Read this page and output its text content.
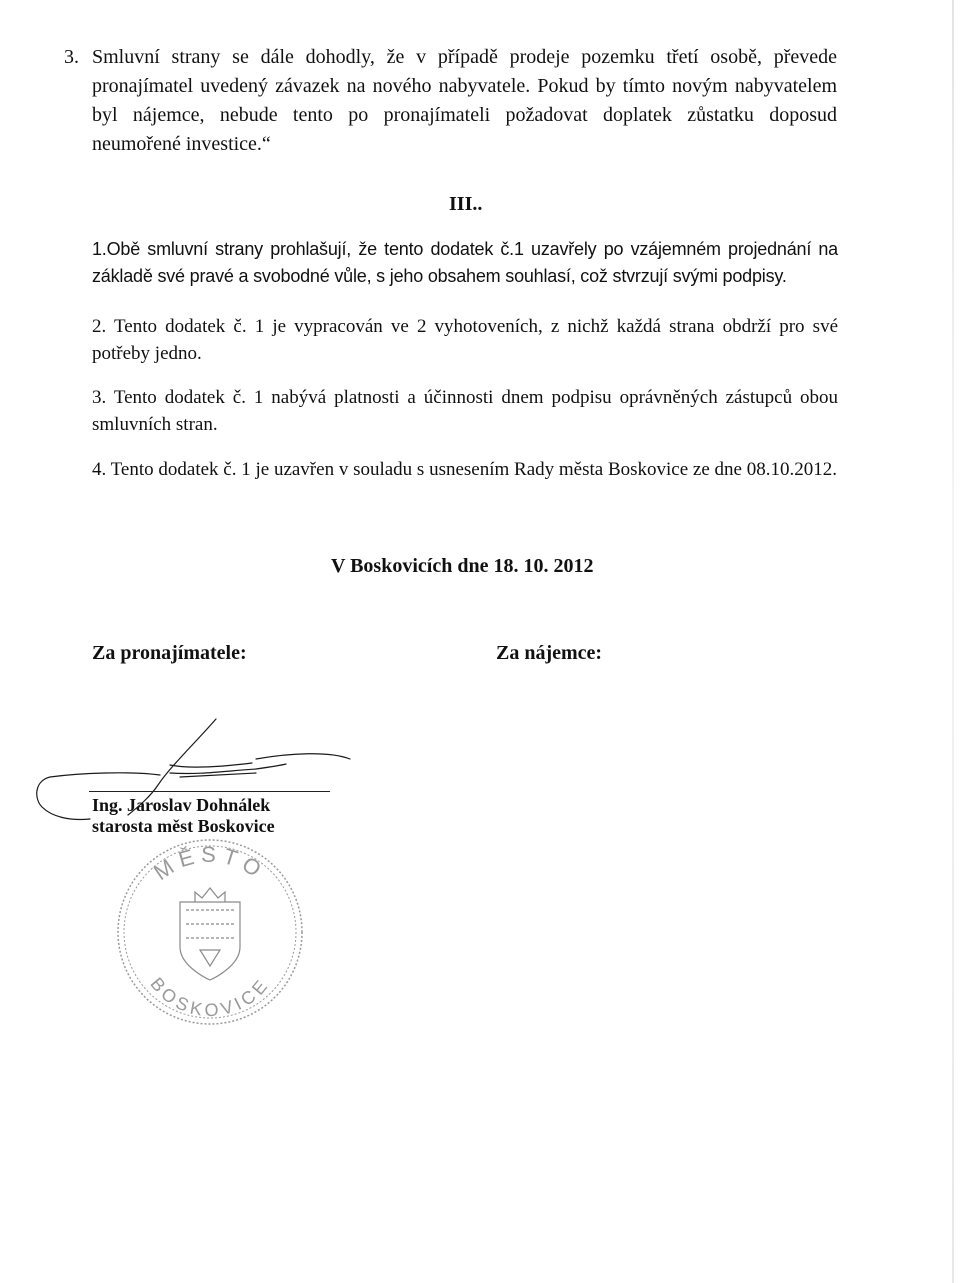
3. Smluvní strany se dále dohodly, že v případě prodeje pozemku třetí osobě, převede pronajímatel uvedený závazek na nového nabyvatele. Pokud by tímto novým nabyvatelem byl nájemce, nebude tento po pronajímateli požadovat doplatek zůstatku doposud neumořené investice.“

III..

1.Obě smluvní strany prohlašují, že tento dodatek č.1 uzavřely po vzájemném projednání na základě své pravé a svobodné vůle, s jeho obsahem souhlasí, což stvrzují svými podpisy.

2. Tento dodatek č. 1 je vypracován ve 2 vyhotoveních, z nichž každá strana obdrží pro své potřeby jedno.

3. Tento dodatek č. 1 nabývá platnosti a účinnosti dnem podpisu oprávněných zástupců obou smluvních stran.

4. Tento dodatek č. 1 je uzavřen v souladu s usnesením Rady města Boskovice ze dne 08.10.2012.

V Boskovicích dne 18. 10. 2012
Za pronajímatele:	Za nájemce:
Ing. Jaroslav Dohnálek
starosta měst Boskovice
MĚSTO
BOSKOVICE
